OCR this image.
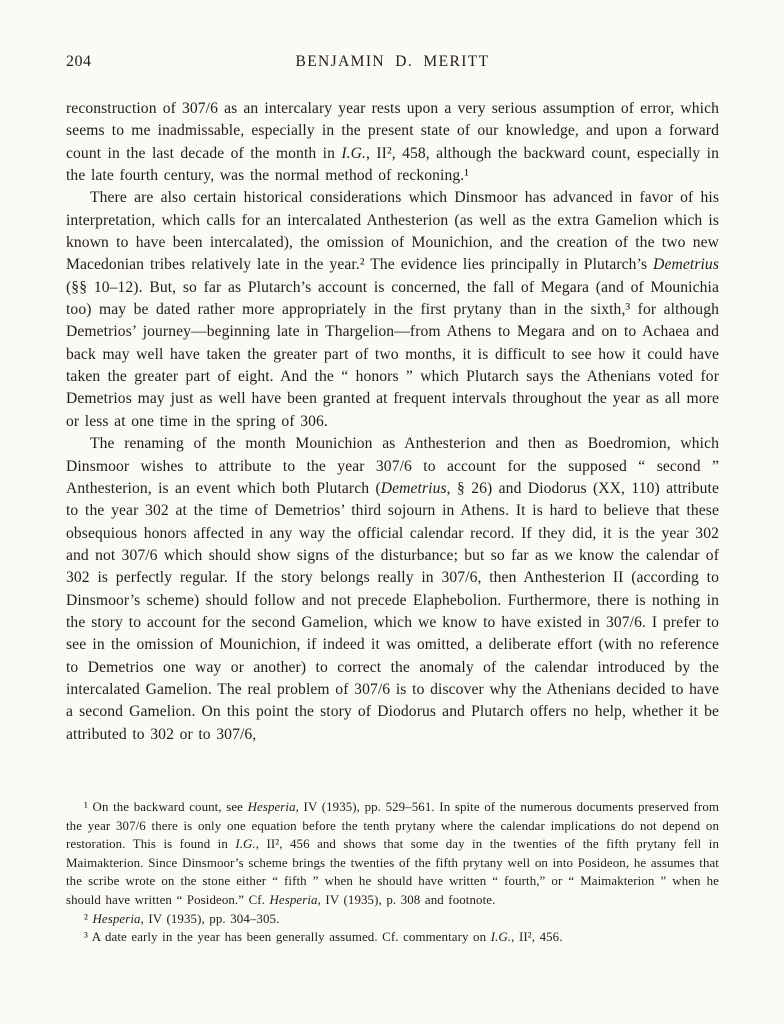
204	BENJAMIN D. MERITT

reconstruction of 307/6 as an intercalary year rests upon a very serious assumption of error, which seems to me inadmissable, especially in the present state of our knowledge, and upon a forward count in the last decade of the month in I.G., II², 458, although the backward count, especially in the late fourth century, was the normal method of reckoning.¹

There are also certain historical considerations which Dinsmoor has advanced in favor of his interpretation, which calls for an intercalated Anthesterion (as well as the extra Gamelion which is known to have been intercalated), the omission of Mounichion, and the creation of the two new Macedonian tribes relatively late in the year.² The evidence lies principally in Plutarch’s Demetrius (§§ 10–12). But, so far as Plutarch’s account is concerned, the fall of Megara (and of Mounichia too) may be dated rather more appropriately in the first prytany than in the sixth,³ for although Demetrios’ journey—beginning late in Thargelion—from Athens to Megara and on to Achaea and back may well have taken the greater part of two months, it is difficult to see how it could have taken the greater part of eight. And the “ honors ” which Plutarch says the Athenians voted for Demetrios may just as well have been granted at frequent intervals throughout the year as all more or less at one time in the spring of 306.

The renaming of the month Mounichion as Anthesterion and then as Boedromion, which Dinsmoor wishes to attribute to the year 307/6 to account for the supposed “ second ” Anthesterion, is an event which both Plutarch (Demetrius, § 26) and Diodorus (XX, 110) attribute to the year 302 at the time of Demetrios’ third sojourn in Athens. It is hard to believe that these obsequious honors affected in any way the official calendar record. If they did, it is the year 302 and not 307/6 which should show signs of the disturbance; but so far as we know the calendar of 302 is perfectly regular. If the story belongs really in 307/6, then Anthesterion II (according to Dinsmoor’s scheme) should follow and not precede Elaphebolion. Furthermore, there is nothing in the story to account for the second Gamelion, which we know to have existed in 307/6. I prefer to see in the omission of Mounichion, if indeed it was omitted, a deliberate effort (with no reference to Demetrios one way or another) to correct the anomaly of the calendar introduced by the intercalated Gamelion. The real problem of 307/6 is to discover why the Athenians decided to have a second Gamelion. On this point the story of Diodorus and Plutarch offers no help, whether it be attributed to 302 or to 307/6,

¹ On the backward count, see Hesperia, IV (1935), pp. 529–561. In spite of the numerous documents preserved from the year 307/6 there is only one equation before the tenth prytany where the calendar implications do not depend on restoration. This is found in I.G., II², 456 and shows that some day in the twenties of the fifth prytany fell in Maimakterion. Since Dinsmoor’s scheme brings the twenties of the fifth prytany well on into Posideon, he assumes that the scribe wrote on the stone either “ fifth ” when he should have written “ fourth,” or “ Maimakterion ” when he should have written “ Posideon.” Cf. Hesperia, IV (1935), p. 308 and footnote.

² Hesperia, IV (1935), pp. 304–305.

³ A date early in the year has been generally assumed. Cf. commentary on I.G., II², 456.
